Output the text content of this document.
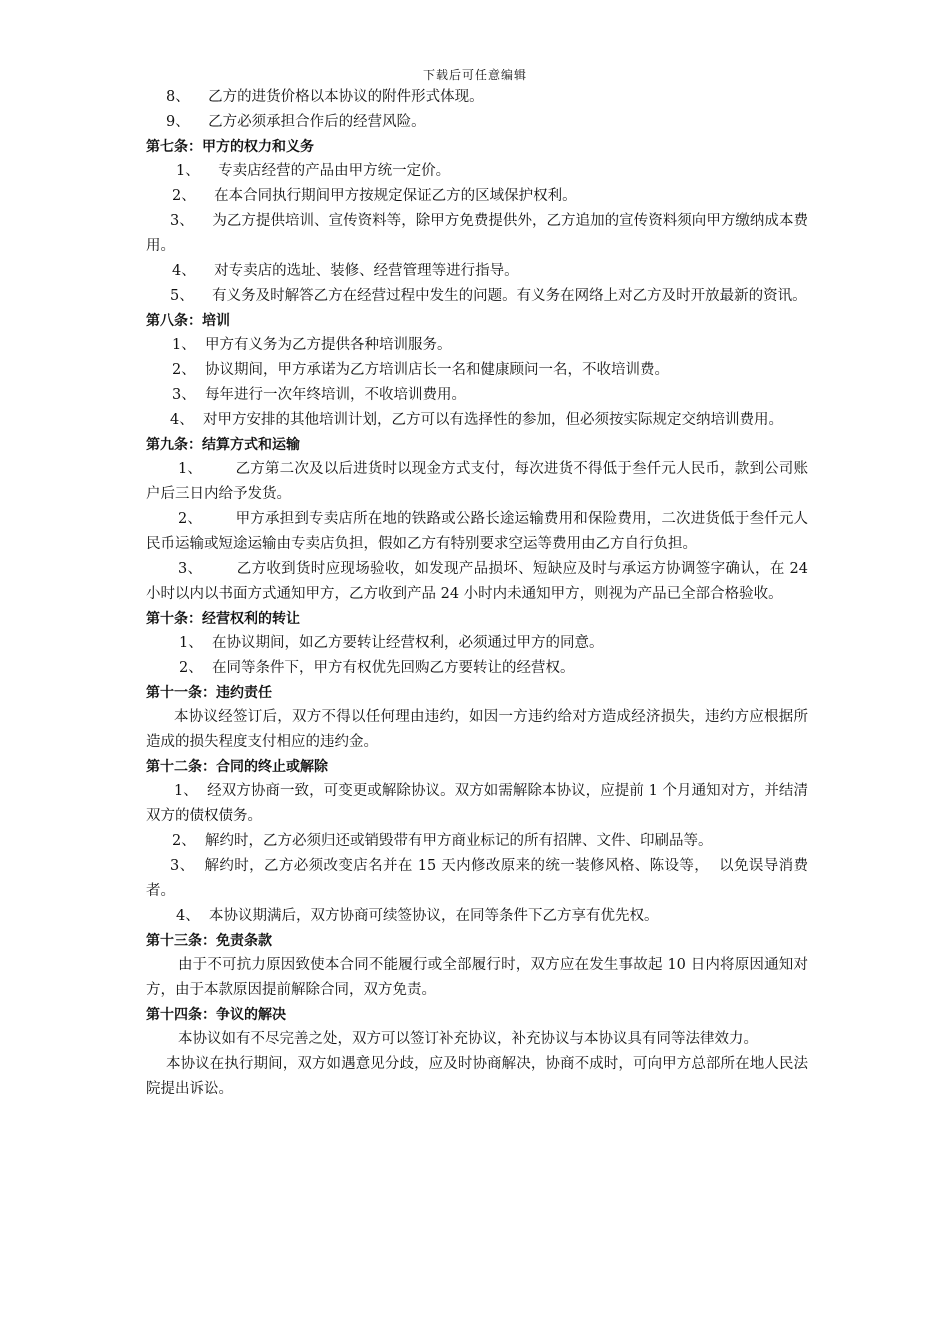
下载后可任意编辑
8、    乙方的进货价格以本协议的附件形式体现。
9、    乙方必须承担合作后的经营风险。
第七条：甲方的权力和义务
1、    专卖店经营的产品由甲方统一定价。
2、    在本合同执行期间甲方按规定保证乙方的区域保护权利。
3、    为乙方提供培训、宣传资料等，除甲方免费提供外，乙方追加的宣传资料须向甲方缴纳成本费用。
4、    对专卖店的选址、装修、经营管理等进行指导。
5、    有义务及时解答乙方在经营过程中发生的问题。有义务在网络上对乙方及时开放最新的资讯。
第八条：培训
1、  甲方有义务为乙方提供各种培训服务。
2、  协议期间，甲方承诺为乙方培训店长一名和健康顾问一名，不收培训费。
3、  每年进行一次年终培训，不收培训费用。
4、  对甲方安排的其他培训计划，乙方可以有选择性的参加，但必须按实际规定交纳培训费用。
第九条：结算方式和运输
1、       乙方第二次及以后进货时以现金方式支付，每次进货不得低于叁仟元人民币，款到公司账户后三日内给予发货。
2、       甲方承担到专卖店所在地的铁路或公路长途运输费用和保险费用，二次进货低于叁仟元人民币运输或短途运输由专卖店负担，假如乙方有特别要求空运等费用由乙方自行负担。
3、       乙方收到货时应现场验收，如发现产品损坏、短缺应及时与承运方协调签字确认，在 24 小时以内以书面方式通知甲方，乙方收到产品 24 小时内未通知甲方，则视为产品已全部合格验收。
第十条：经营权利的转让
1、  在协议期间，如乙方要转让经营权利，必须通过甲方的同意。
2、  在同等条件下，甲方有权优先回购乙方要转让的经营权。
第十一条：违约责任
本协议经签订后，双方不得以任何理由违约，如因一方违约给对方造成经济损失，违约方应根据所造成的损失程度支付相应的违约金。
第十二条：合同的终止或解除
1、  经双方协商一致，可变更或解除协议。双方如需解除本协议，应提前 1 个月通知对方，并结清双方的债权债务。
2、  解约时，乙方必须归还或销毁带有甲方商业标记的所有招牌、文件、印刷品等。
3、  解约时，乙方必须改变店名并在 15 天内修改原来的统一装修风格、陈设等，  以免误导消费者。
4、  本协议期满后，双方协商可续签协议，在同等条件下乙方享有优先权。
第十三条：免责条款
由于不可抗力原因致使本合同不能履行或全部履行时，双方应在发生事故起 10 日内将原因通知对方，由于本款原因提前解除合同，双方免责。
第十四条：争议的解决
本协议如有不尽完善之处，双方可以签订补充协议，补充协议与本协议具有同等法律效力。
本协议在执行期间，双方如遇意见分歧，应及时协商解决，协商不成时，可向甲方总部所在地人民法院提出诉讼。
